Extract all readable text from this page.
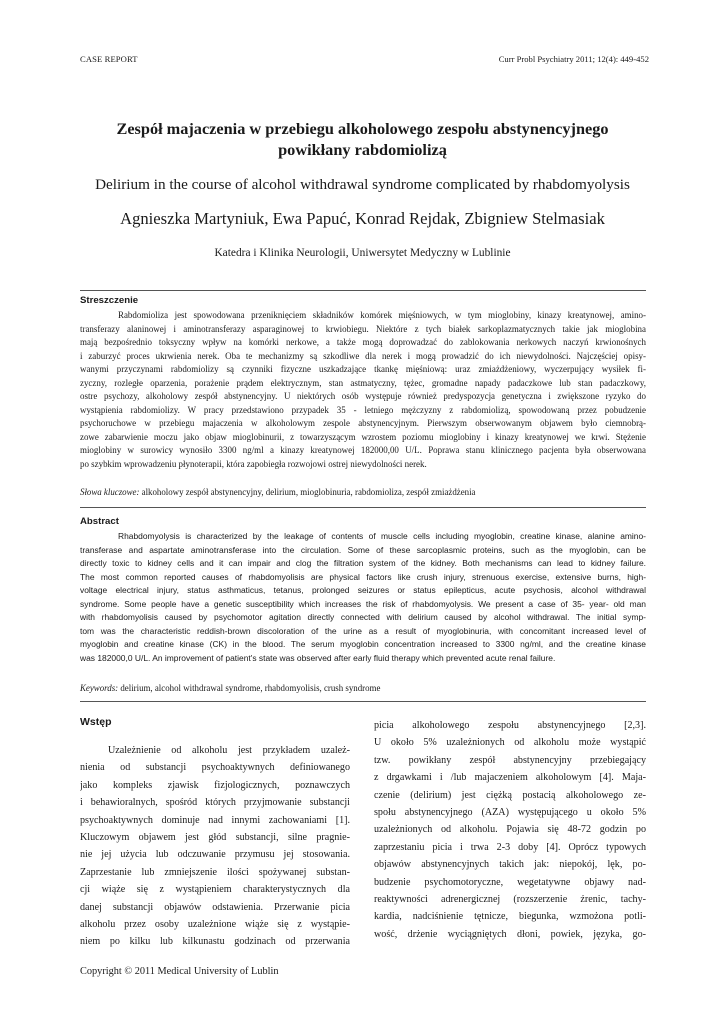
CASE REPORT	Curr Probl Psychiatry 2011; 12(4): 449-452
Zespół majaczenia w przebiegu alkoholowego zespołu abstynencyjnego
powikłany rabdomiolizą
Delirium in the course of alcohol withdrawal syndrome complicated by rhabdomyolysis
Agnieszka Martyniuk, Ewa Papuć, Konrad Rejdak, Zbigniew Stelmasiak
Katedra i Klinika Neurologii, Uniwersytet Medyczny w Lublinie
Streszczenie
Rabdomioliza jest spowodowana przeniknięciem składników komórek mięśniowych, w tym mioglobiny, kinazy kreatynowej, amino-
transferazy alaninowej i aminotransferazy asparaginowej to krwiobiegu. Niektóre z tych białek sarkoplazmatycznych takie jak mioglobina
mają bezpośrednio toksyczny wpływ na komórki nerkowe, a także mogą doprowadzać do zablokowania nerkowych naczyń krwionośnych
i zaburzyć proces ukrwienia nerek. Oba te mechanizmy są szkodliwe dla nerek i mogą prowadzić do ich niewydolności. Najczęściej opisy-
wanymi przyczynami rabdomiolizy są czynniki fizyczne uszkadzające tkankę mięśniową: uraz zmiażdżeniowy, wyczerpujący wysiłek fi-
zyczny, rozległe oparzenia, porażenie prądem elektrycznym, stan astmatyczny, tężec, gromadne napady padaczkowe lub stan padaczkowy,
ostre psychozy, alkoholowy zespół abstynencyjny. U niektórych osób występuje również predyspozycja genetyczna i zwiększone ryzyko do
wystąpienia rabdomiolizy. W pracy przedstawiono przypadek 35 - letniego mężczyzny z rabdomiolizą, spowodowaną przez pobudzenie
psychoruchowe w przebiegu majaczenia w alkoholowym zespole abstynencyjnym. Pierwszym obserwowanym objawem było ciemnobrą-
zowe zabarwienie moczu jako objaw mioglobinurii, z towarzyszącym wzrostem poziomu mioglobiny i kinazy kreatynowej we krwi. Stężenie
mioglobiny w surowicy wynosiło 3300 ng/ml a kinazy kreatynowej 182000,00 U/L. Poprawa stanu klinicznego pacjenta była obserwowana
po szybkim wprowadzeniu płynoterapii, która zapobiegła rozwojowi ostrej niewydolności nerek.
Słowa kluczowe: alkoholowy zespół abstynencyjny, delirium, mioglobinuria, rabdomioliza, zespół zmiażdżenia
Abstract
Rhabdomyolysis is characterized by the leakage of contents of muscle cells including myoglobin, creatine kinase, alanine amino-
transferase and aspartate aminotransferase into the circulation. Some of these sarcoplasmic proteins, such as the myoglobin, can be
directly toxic to kidney cells and it can impair and clog the filtration system of the kidney. Both mechanisms can lead to kidney failure.
The most common reported causes of rhabdomyolisis are physical factors like crush injury, strenuous exercise, extensive burns, high-
voltage electrical injury, status asthmaticus, tetanus, prolonged seizures or status epilepticus, acute psychosis, alcohol withdrawal
syndrome. Some people have a genetic susceptibility which increases the risk of rhabdomyolysis. We present a case of 35- year- old man
with rhabdomyolisis caused by psychomotor agitation directly connected with delirium caused by alcohol withdrawal. The initial symp-
tom was the characteristic reddish-brown discoloration of the urine as a result of myoglobinuria, with concomitant increased level of
myoglobin and creatine kinase (CK) in the blood. The serum myoglobin concentration increased to 3300 ng/ml, and the creatine kinase
was 182000,0 U/L. An improvement of patient's state was observed after early fluid therapy which prevented acute renal failure.
Keywords: delirium, alcohol withdrawal syndrome, rhabdomyolisis, crush syndrome
Wstęp
Uzależnienie od alkoholu jest przykładem uzależ-
nienia od substancji psychoaktywnych definiowanego
jako kompleks zjawisk fizjologicznych, poznawczych
i behawioralnych, spośród których przyjmowanie substancji
psychoaktywnych dominuje nad innymi zachowaniami [1].
Kluczowym objawem jest głód substancji, silne pragnie-
nie jej użycia lub odczuwanie przymusu jej stosowania.
Zaprzestanie lub zmniejszenie ilości spożywanej substan-
cji wiąże się z wystąpieniem charakterystycznych dla
danej substancji objawów odstawienia. Przerwanie picia
alkoholu przez osoby uzależnione wiąże się z wystąpie-
niem po kilku lub kilkunastu godzinach od przerwania
picia alkoholowego zespołu abstynencyjnego [2,3].
U około 5% uzależnionych od alkoholu może wystąpić
tzw. powikłany zespół abstynencyjny przebiegający
z drgawkami i /lub majaczeniem alkoholowym [4]. Maja-
czenie (delirium) jest ciężką postacią alkoholowego ze-
społu abstynencyjnego (AZA) występującego u około 5%
uzależnionych od alkoholu. Pojawia się 48-72 godzin po
zaprzestaniu picia i trwa 2-3 doby [4]. Oprócz typowych
objawów abstynencyjnych takich jak: niepokój, lęk, po-
budzenie psychomotoryczne, wegetatywne objawy nad-
reaktywności adrenergicznej (rozszerzenie źrenic, tachy-
kardia, nadciśnienie tętnicze, biegunka, wzmożona potli-
wość, drżenie wyciągniętych dłoni, powiek, języka, go-
Copyright © 2011 Medical University of Lublin
